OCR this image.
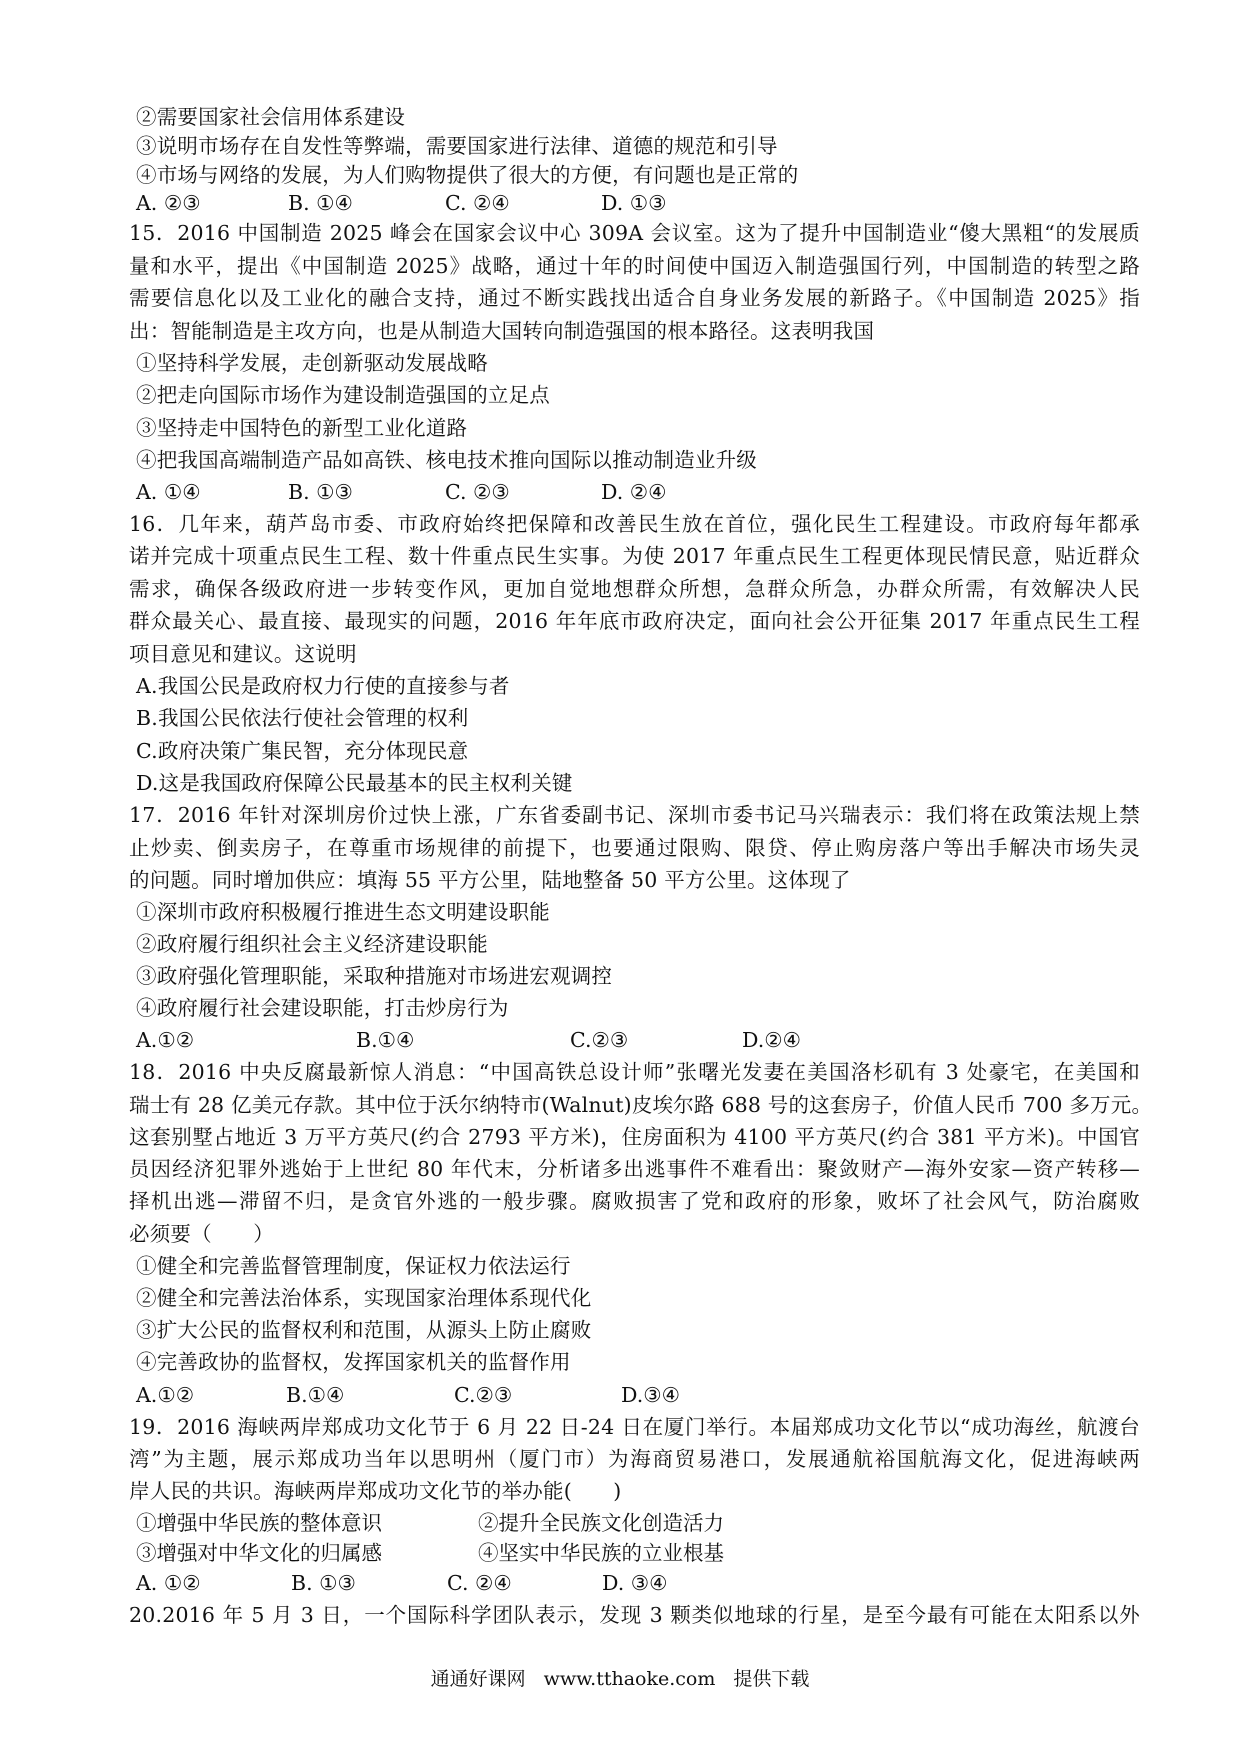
②需要国家社会信用体系建设
③说明市场存在自发性等弊端，需要国家进行法律、道德的规范和引导
④市场与网络的发展，为人们购物提供了很大的方便，有问题也是正常的
A. ②③	B. ①④	C. ②④	D. ①③
15．2016 中国制造 2025 峰会在国家会议中心 309A 会议室。这为了提升中国制造业“傻大黑粗“的发展质
量和水平，提出《中国制造 2025》战略，通过十年的时间使中国迈入制造强国行列，中国制造的转型之路
需要信息化以及工业化的融合支持，通过不断实践找出适合自身业务发展的新路子。《中国制造 2025》指
出：智能制造是主攻方向，也是从制造大国转向制造强国的根本路径。这表明我国
①坚持科学发展，走创新驱动发展战略
②把走向国际市场作为建设制造强国的立足点
③坚持走中国特色的新型工业化道路
④把我国高端制造产品如高铁、核电技术推向国际以推动制造业升级
A. ①④	B. ①③	C. ②③	D. ②④
16．几年来，葫芦岛市委、市政府始终把保障和改善民生放在首位，强化民生工程建设。市政府每年都承
诺并完成十项重点民生工程、数十件重点民生实事。为使 2017 年重点民生工程更体现民情民意，贴近群众
需求，确保各级政府进一步转变作风，更加自觉地想群众所想，急群众所急，办群众所需，有效解决人民
群众最关心、最直接、最现实的问题，2016 年年底市政府决定，面向社会公开征集 2017 年重点民生工程
项目意见和建议。这说明
A.我国公民是政府权力行使的直接参与者
B.我国公民依法行使社会管理的权利
C.政府决策广集民智，充分体现民意
D.这是我国政府保障公民最基本的民主权利关键
17．2016 年针对深圳房价过快上涨，广东省委副书记、深圳市委书记马兴瑞表示：我们将在政策法规上禁
止炒卖、倒卖房子，在尊重市场规律的前提下，也要通过限购、限贷、停止购房落户等出手解决市场失灵
的问题。同时增加供应：填海 55 平方公里，陆地整备 50 平方公里。这体现了
①深圳市政府积极履行推进生态文明建设职能
②政府履行组织社会主义经济建设职能
③政府强化管理职能，采取种措施对市场进宏观调控
④政府履行社会建设职能，打击炒房行为
A.①②	B.①④	C.②③	D.②④
18．2016 中央反腐最新惊人消息：“中国高铁总设计师”张曙光发妻在美国洛杉矶有 3 处豪宅，在美国和
瑞士有 28 亿美元存款。其中位于沃尔纳特市(Walnut)皮埃尔路 688 号的这套房子，价值人民币 700 多万元。
这套别墅占地近 3 万平方英尺(约合 2793 平方米)，住房面积为 4100 平方英尺(约合 381 平方米)。中国官
员因经济犯罪外逃始于上世纪 80 年代末，分析诸多出逃事件不难看出：聚敛财产—海外安家—资产转移—
择机出逃—滞留不归，是贪官外逃的一般步骤。腐败损害了党和政府的形象，败坏了社会风气，防治腐败
必须要（　　）
①健全和完善监督管理制度，保证权力依法运行
②健全和完善法治体系，实现国家治理体系现代化
③扩大公民的监督权利和范围，从源头上防止腐败
④完善政协的监督权，发挥国家机关的监督作用
A.①②	B.①④	C.②③	D.③④
19．2016 海峡两岸郑成功文化节于 6 月 22 日-24 日在厦门举行。本届郑成功文化节以“成功海丝，航渡台
湾”为主题，展示郑成功当年以思明州（厦门市）为海商贸易港口，发展通航裕国航海文化，促进海峡两
岸人民的共识。海峡两岸郑成功文化节的举办能(　　)
①增强中华民族的整体意识	②提升全民族文化创造活力
③增强对中华文化的归属感	④坚实中华民族的立业根基
A. ①②	B. ①③	C. ②④	D. ③④
20.2016 年 5 月 3 日，一个国际科学团队表示，发现 3 颗类似地球的行星，是至今最有可能在太阳系以外
通通好课网 www.tthaoke.com 提供下载
